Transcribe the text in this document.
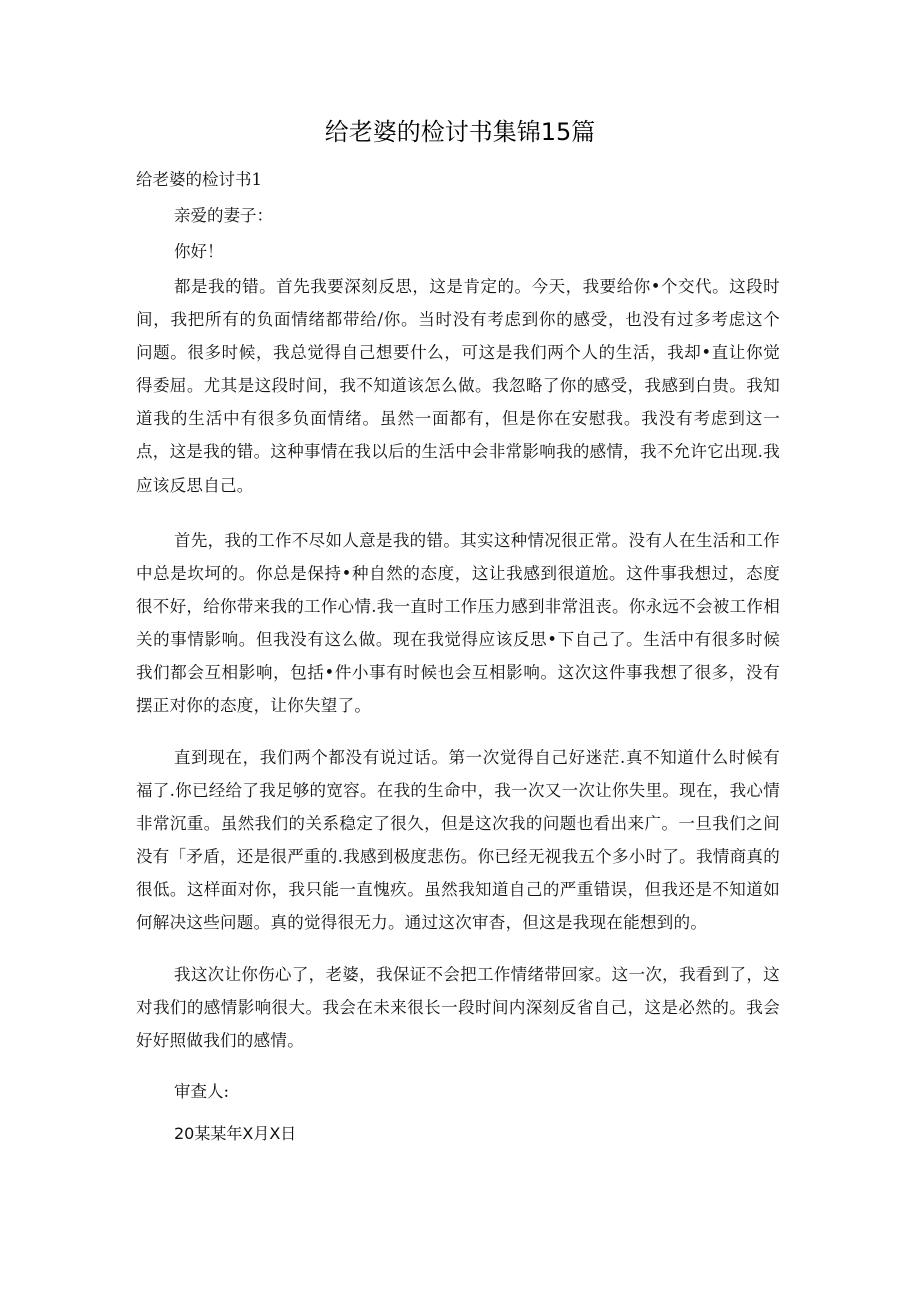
给老婆的检讨书集锦15篇
给老婆的检讨书1

亲爱的妻子：

你好！

都是我的错。首先我要深刻反思，这是肯定的。今天，我要给你•个交代。这段时间，我把所有的负面情绪都带给/你。当时没有考虑到你的感受，也没有过多考虑这个问题。很多时候，我总觉得自己想要什么，可这是我们两个人的生活，我却•直让你觉得委屈。尤其是这段时间，我不知道该怎么做。我忽略了你的感受，我感到白贵。我知道我的生活中有很多负面情绪。虽然一面都有，但是你在安慰我。我没有考虑到这一点，这是我的错。这种事情在我以后的生活中会非常影响我的感情，我不允许它出现.我应该反思自己。

首先，我的工作不尽如人意是我的错。其实这种情况很正常。没有人在生活和工作中总是坎坷的。你总是保持•种自然的态度，这让我感到很道尬。这件事我想过，态度很不好，给你带来我的工作心情.我一直时工作压力感到非常沮丧。你永远不会被工作相关的事情影响。但我没有这么做。现在我觉得应该反思•下自己了。生活中有很多时候我们都会互相影响，包括•件小事有时候也会互相影响。这次这件事我想了很多，没有摆正对你的态度，让你失望了。

直到现在，我们两个都没有说过话。第一次觉得自己好迷茫.真不知道什么时候有福了.你已经给了我足够的宽容。在我的生命中，我一次又一次让你失里。现在，我心情非常沉重。虽然我们的关系稳定了很久，但是这次我的问题也看出来广。一旦我们之间没有「矛盾，还是很严重的.我感到极度悲伤。你已经无视我五个多小时了。我情商真的很低。这样面对你，我只能一直愧疚。虽然我知道自己的严重错误，但我还是不知道如何解决这些问题。真的觉得很无力。通过这次审杳，但这是我现在能想到的。

我这次让你伤心了，老婆，我保证不会把工作情绪带回家。这一次，我看到了，这对我们的感情影响很大。我会在未来很长一段时间内深刻反省自己，这是必然的。我会好好照做我们的感情。

审查人:

20某某年X月X日
